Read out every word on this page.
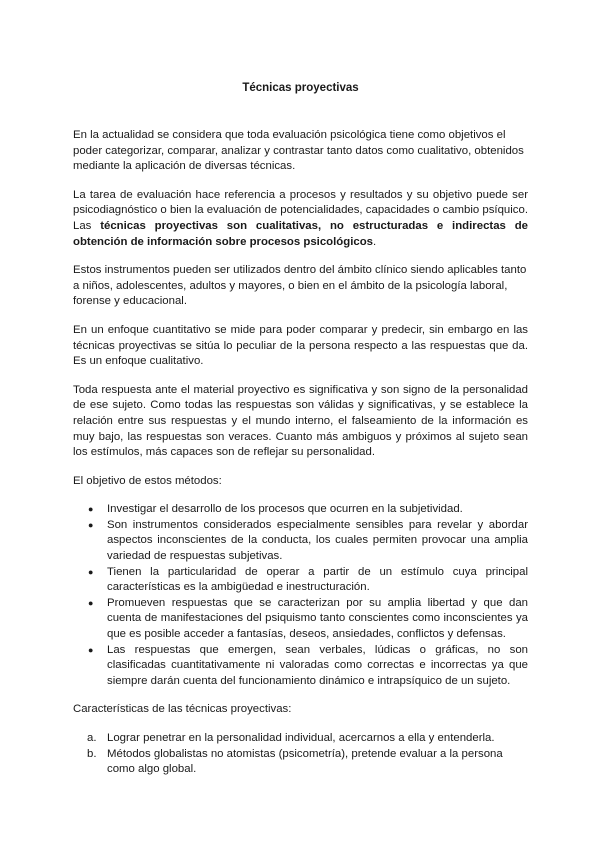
Técnicas proyectivas

En la actualidad se considera que toda evaluación psicológica tiene como objetivos el poder categorizar, comparar, analizar y contrastar tanto datos como cualitativo, obtenidos mediante la aplicación de diversas técnicas.

La tarea de evaluación hace referencia a procesos y resultados y su objetivo puede ser psicodiagnóstico o bien la evaluación de potencialidades, capacidades o cambio psíquico. Las técnicas proyectivas son cualitativas, no estructuradas e indirectas de obtención de información sobre procesos psicológicos.

Estos instrumentos pueden ser utilizados dentro del ámbito clínico siendo aplicables tanto a niños, adolescentes, adultos y mayores, o bien en el ámbito de la psicología laboral, forense y educacional.

En un enfoque cuantitativo se mide para poder comparar y predecir, sin embargo en las técnicas proyectivas se sitúa lo peculiar de la persona respecto a las respuestas que da. Es un enfoque cualitativo.

Toda respuesta ante el material proyectivo es significativa y son signo de la personalidad de ese sujeto. Como todas las respuestas son válidas y significativas, y se establece la relación entre sus respuestas y el mundo interno, el falseamiento de la información es muy bajo, las respuestas son veraces. Cuanto más ambiguos y próximos al sujeto sean los estímulos, más capaces son de reflejar su personalidad.

El objetivo de estos métodos:

● Investigar el desarrollo de los procesos que ocurren en la subjetividad.
● Son instrumentos considerados especialmente sensibles para revelar y abordar aspectos inconscientes de la conducta, los cuales permiten provocar una amplia variedad de respuestas subjetivas.
● Tienen la particularidad de operar a partir de un estímulo cuya principal características es la ambigüedad e inestructuración.
● Promueven respuestas que se caracterizan por su amplia libertad y que dan cuenta de manifestaciones del psiquismo tanto conscientes como inconscientes ya que es posible acceder a fantasías, deseos, ansiedades, conflictos y defensas.
● Las respuestas que emergen, sean verbales, lúdicas o gráficas, no son clasificadas cuantitativamente ni valoradas como correctas e incorrectas ya que siempre darán cuenta del funcionamiento dinámico e intrapsíquico de un sujeto.

Características de las técnicas proyectivas:

a. Lograr penetrar en la personalidad individual, acercarnos a ella y entenderla.
b. Métodos globalistas no atomistas (psicometría), pretende evaluar a la persona como algo global.
